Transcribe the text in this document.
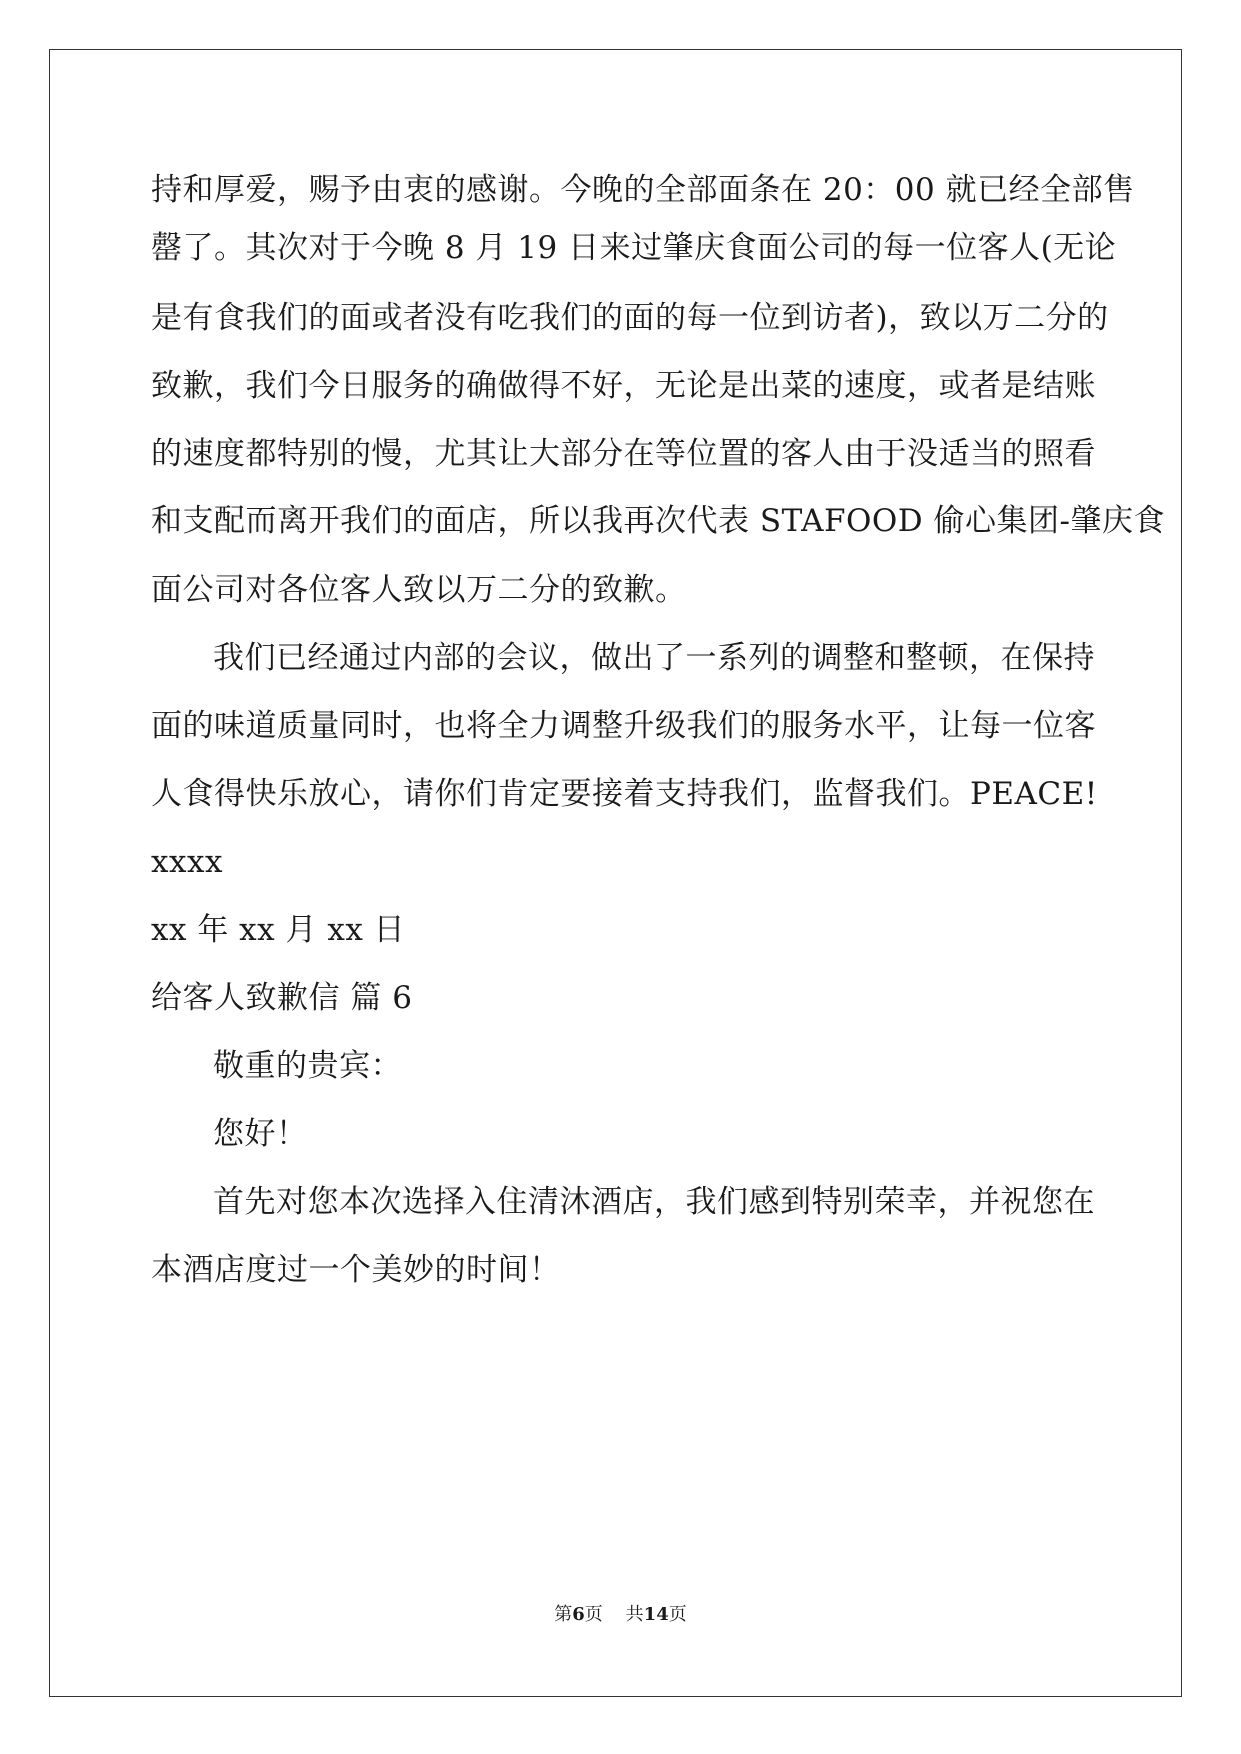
持和厚爱，赐予由衷的感谢。今晚的全部面条在 20：00 就已经全部售
罄了。其次对于今晚 8 月 19 日来过肇庆食面公司的每一位客人(无论
是有食我们的面或者没有吃我们的面的每一位到访者)，致以万二分的
致歉，我们今日服务的确做得不好，无论是出菜的速度，或者是结账
的速度都特别的慢，尤其让大部分在等位置的客人由于没适当的照看
和支配而离开我们的面店，所以我再次代表 STAFOOD 偷心集团-肇庆食
面公司对各位客人致以万二分的致歉。
我们已经通过内部的会议，做出了一系列的调整和整顿，在保持
面的味道质量同时，也将全力调整升级我们的服务水平，让每一位客
人食得快乐放心，请你们肯定要接着支持我们，监督我们。PEACE!
xxxx
xx 年 xx 月 xx 日
给客人致歉信 篇 6
敬重的贵宾：
您好！
首先对您本次选择入住清沐酒店，我们感到特别荣幸，并祝您在
本酒店度过一个美妙的时间！
第6页    共14页
